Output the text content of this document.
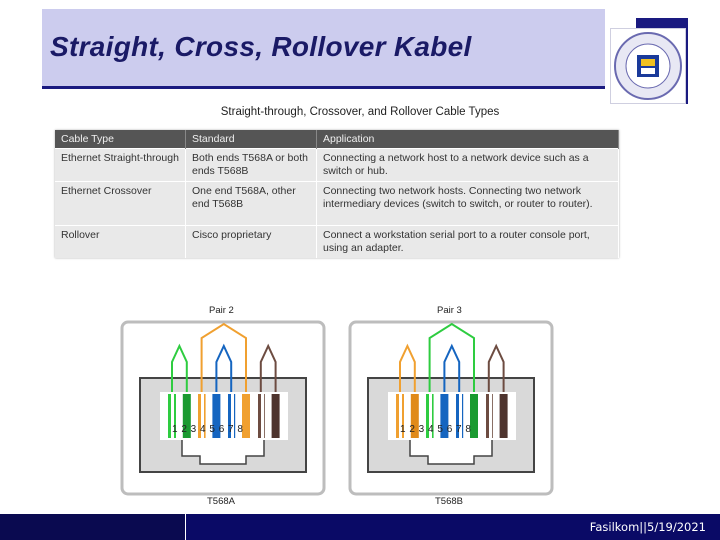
Straight, Cross, Rollover Kabel
Straight-through, Crossover, and Rollover Cable Types
Cable Type	Standard	Application
Ethernet Straight-through	Both ends T568A or both ends T568B	Connecting a network host to a network device such as a switch or hub.
Ethernet Crossover	One end T568A, other end T568B	Connecting two network hosts. Connecting two network intermediary devices (switch to switch, or router to router).
Rollover	Cisco proprietary	Connect a workstation serial port to a router console port, using an adapter.
Pair 2
1 2 3 4 5 6 7 8
T568A
Pair 3
1 2 3 4 5 6 7 8
T568B
Fasilkom||5/19/2021
